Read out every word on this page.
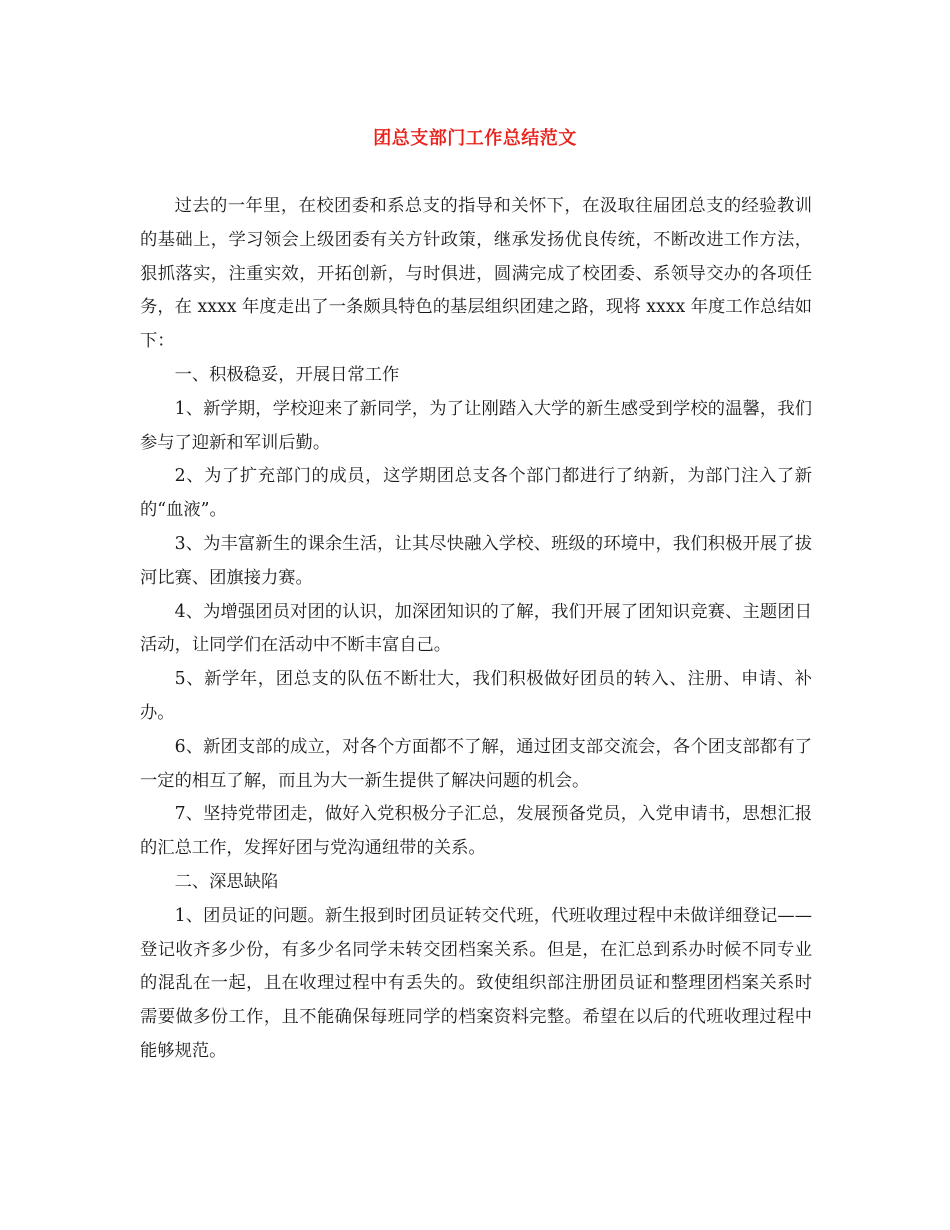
团总支部门工作总结范文

过去的一年里，在校团委和系总支的指导和关怀下，在汲取往届团总支的经验教训的基础上，学习领会上级团委有关方针政策，继承发扬优良传统，不断改进工作方法，狠抓落实，注重实效，开拓创新，与时俱进，圆满完成了校团委、系领导交办的各项任务，在 xxxx 年度走出了一条颇具特色的基层组织团建之路，现将 xxxx 年度工作总结如下：

一、积极稳妥，开展日常工作

1、新学期，学校迎来了新同学，为了让刚踏入大学的新生感受到学校的温馨，我们参与了迎新和军训后勤。

2、为了扩充部门的成员，这学期团总支各个部门都进行了纳新，为部门注入了新的“血液”。

3、为丰富新生的课余生活，让其尽快融入学校、班级的环境中，我们积极开展了拔河比赛、团旗接力赛。

4、为增强团员对团的认识，加深团知识的了解，我们开展了团知识竞赛、主题团日活动，让同学们在活动中不断丰富自己。

5、新学年，团总支的队伍不断壮大，我们积极做好团员的转入、注册、申请、补办。

6、新团支部的成立，对各个方面都不了解，通过团支部交流会，各个团支部都有了一定的相互了解，而且为大一新生提供了解决问题的机会。

7、坚持党带团走，做好入党积极分子汇总，发展预备党员，入党申请书，思想汇报的汇总工作，发挥好团与党沟通纽带的关系。

二、深思缺陷

1、团员证的问题。新生报到时团员证转交代班，代班收理过程中未做详细登记——登记收齐多少份，有多少名同学未转交团档案关系。但是，在汇总到系办时候不同专业的混乱在一起，且在收理过程中有丢失的。致使组织部注册团员证和整理团档案关系时需要做多份工作，且不能确保每班同学的档案资料完整。希望在以后的代班收理过程中能够规范。
